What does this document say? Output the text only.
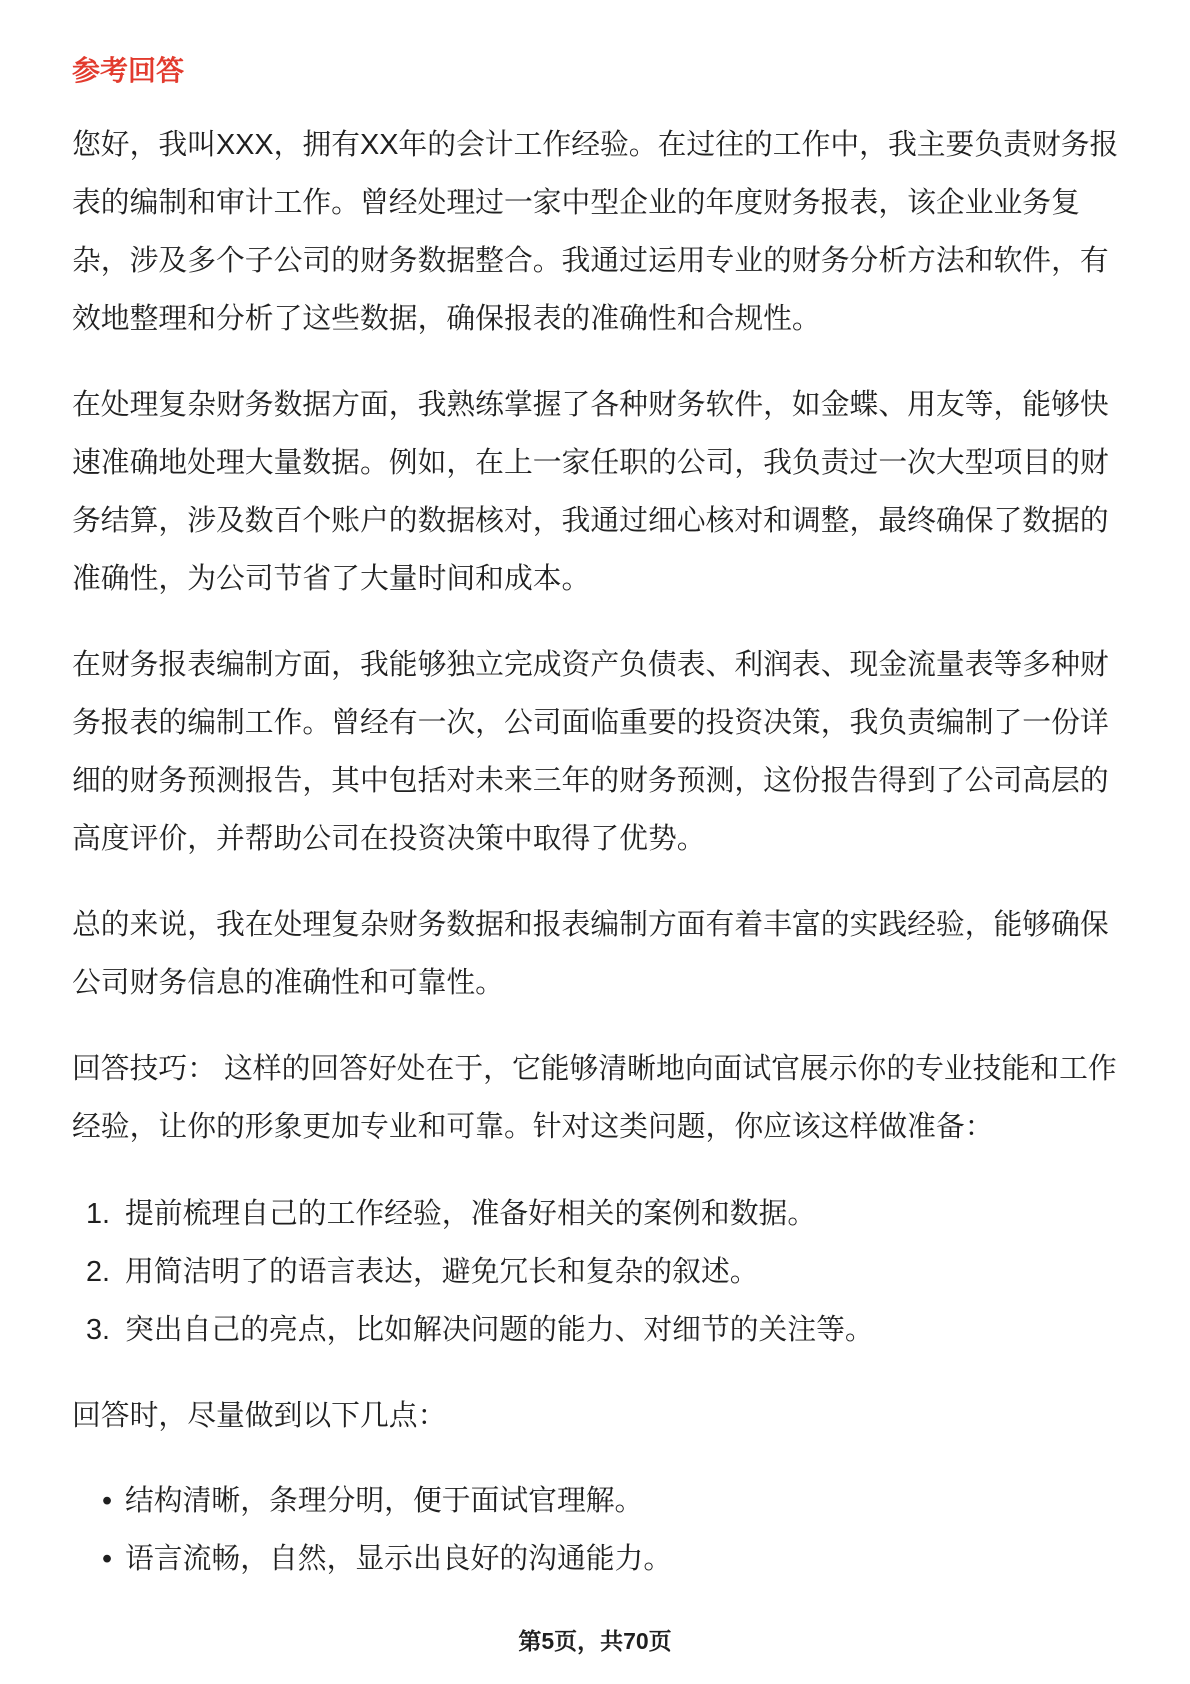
参考回答

您好，我叫XXX，拥有XX年的会计工作经验。在过往的工作中，我主要负责财务报表的编制和审计工作。曾经处理过一家中型企业的年度财务报表，该企业业务复杂，涉及多个子公司的财务数据整合。我通过运用专业的财务分析方法和软件，有效地整理和分析了这些数据，确保报表的准确性和合规性。

在处理复杂财务数据方面，我熟练掌握了各种财务软件，如金蝶、用友等，能够快速准确地处理大量数据。例如，在上一家任职的公司，我负责过一次大型项目的财务结算，涉及数百个账户的数据核对，我通过细心核对和调整，最终确保了数据的准确性，为公司节省了大量时间和成本。

在财务报表编制方面，我能够独立完成资产负债表、利润表、现金流量表等多种财务报表的编制工作。曾经有一次，公司面临重要的投资决策，我负责编制了一份详细的财务预测报告，其中包括对未来三年的财务预测，这份报告得到了公司高层的高度评价，并帮助公司在投资决策中取得了优势。

总的来说，我在处理复杂财务数据和报表编制方面有着丰富的实践经验，能够确保公司财务信息的准确性和可靠性。

回答技巧： 这样的回答好处在于，它能够清晰地向面试官展示你的专业技能和工作经验，让你的形象更加专业和可靠。针对这类问题，你应该这样做准备：

1. 提前梳理自己的工作经验，准备好相关的案例和数据。
2. 用简洁明了的语言表达，避免冗长和复杂的叙述。
3. 突出自己的亮点，比如解决问题的能力、对细节的关注等。

回答时，尽量做到以下几点：

• 结构清晰，条理分明，便于面试官理解。
• 语言流畅，自然，显示出良好的沟通能力。
第5页，共70页
